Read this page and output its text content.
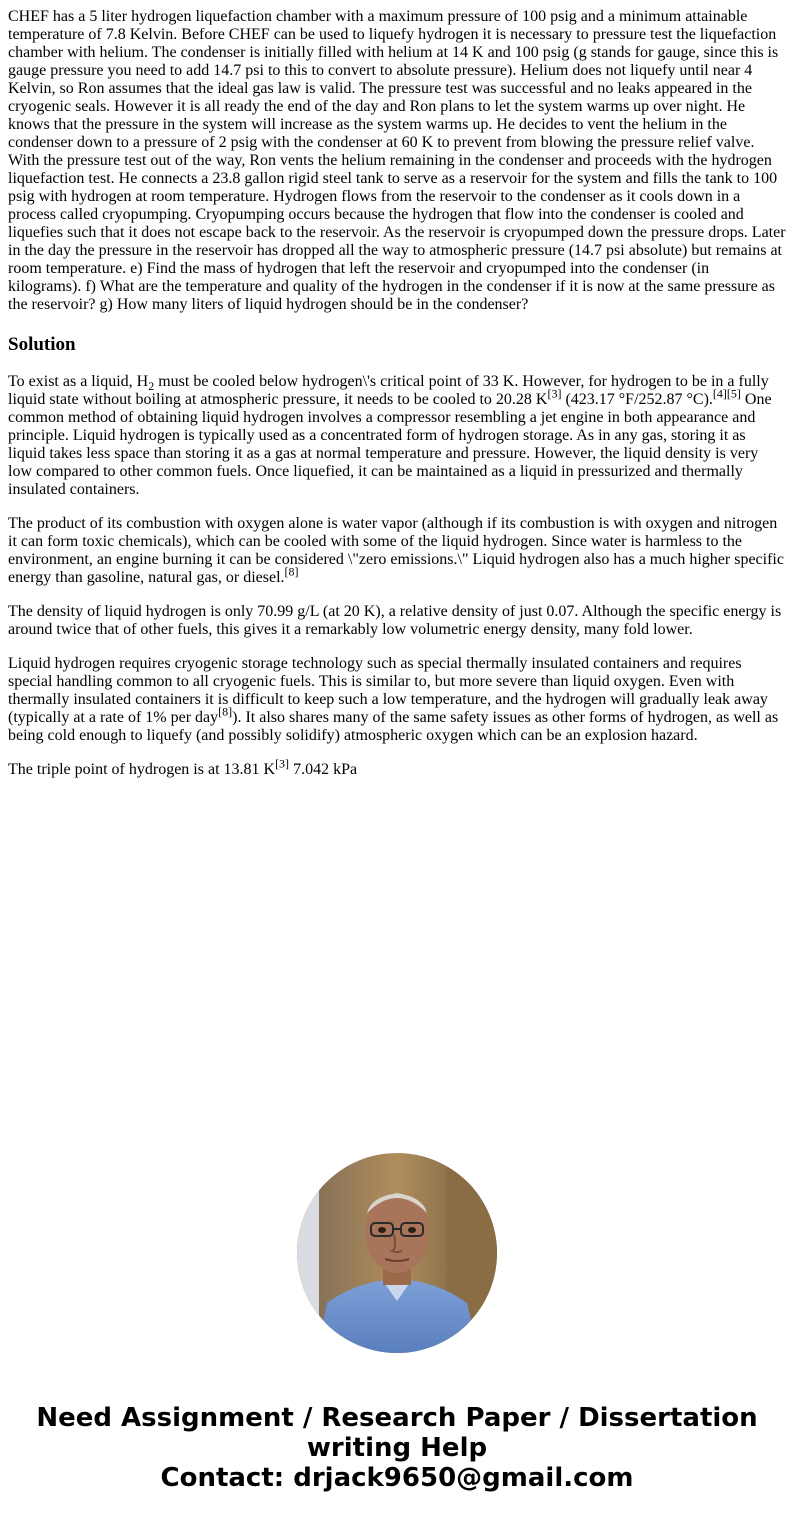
CHEF has a 5 liter hydrogen liquefaction chamber with a maximum pressure of 100 psig and a minimum attainable temperature of 7.8 Kelvin. Before CHEF can be used to liquefy hydrogen it is necessary to pressure test the liquefaction chamber with helium. The condenser is initially filled with helium at 14 K and 100 psig (g stands for gauge, since this is gauge pressure you need to add 14.7 psi to this to convert to absolute pressure). Helium does not liquefy until near 4 Kelvin, so Ron assumes that the ideal gas law is valid. The pressure test was successful and no leaks appeared in the cryogenic seals. However it is all ready the end of the day and Ron plans to let the system warms up over night. He knows that the pressure in the system will increase as the system warms up. He decides to vent the helium in the condenser down to a pressure of 2 psig with the condenser at 60 K to prevent from blowing the pressure relief valve. With the pressure test out of the way, Ron vents the helium remaining in the condenser and proceeds with the hydrogen liquefaction test. He connects a 23.8 gallon rigid steel tank to serve as a reservoir for the system and fills the tank to 100 psig with hydrogen at room temperature. Hydrogen flows from the reservoir to the condenser as it cools down in a process called cryopumping. Cryopumping occurs because the hydrogen that flow into the condenser is cooled and liquefies such that it does not escape back to the reservoir. As the reservoir is cryopumped down the pressure drops. Later in the day the pressure in the reservoir has dropped all the way to atmospheric pressure (14.7 psi absolute) but remains at room temperature. e) Find the mass of hydrogen that left the reservoir and cryopumped into the condenser (in kilograms). f) What are the temperature and quality of the hydrogen in the condenser if it is now at the same pressure as the reservoir? g) How many liters of liquid hydrogen should be in the condenser?
Solution

To exist as a liquid, $H_2$ must be cooled below hydrogen\'s critical point of 33 K. However, for hydrogen to be in a fully liquid state without boiling at atmospheric pressure, it needs to be cooled to 20.28 K[3] (423.17 °F/252.87 °C).[4][5] One common method of obtaining liquid hydrogen involves a compressor resembling a jet engine in both appearance and principle. Liquid hydrogen is typically used as a concentrated form of hydrogen storage. As in any gas, storing it as liquid takes less space than storing it as a gas at normal temperature and pressure. However, the liquid density is very low compared to other common fuels. Once liquefied, it can be maintained as a liquid in pressurized and thermally insulated containers.

The product of its combustion with oxygen alone is water vapor (although if its combustion is with oxygen and nitrogen it can form toxic chemicals), which can be cooled with some of the liquid hydrogen. Since water is harmless to the environment, an engine burning it can be considered \"zero emissions.\" Liquid hydrogen also has a much higher specific energy than gasoline, natural gas, or diesel.[8]

The density of liquid hydrogen is only 70.99 g/L (at 20 K), a relative density of just 0.07. Although the specific energy is around twice that of other fuels, this gives it a remarkably low volumetric energy density, many fold lower.

Liquid hydrogen requires cryogenic storage technology such as special thermally insulated containers and requires special handling common to all cryogenic fuels. This is similar to, but more severe than liquid oxygen. Even with thermally insulated containers it is difficult to keep such a low temperature, and the hydrogen will gradually leak away (typically at a rate of 1% per day[8]). It also shares many of the same safety issues as other forms of hydrogen, as well as being cold enough to liquefy (and possibly solidify) atmospheric oxygen which can be an explosion hazard.

The triple point of hydrogen is at 13.81 K[3] 7.042 kPa

Need Assignment / Research Paper / Dissertation
writing Help
Contact: drjack9650@gmail.com
